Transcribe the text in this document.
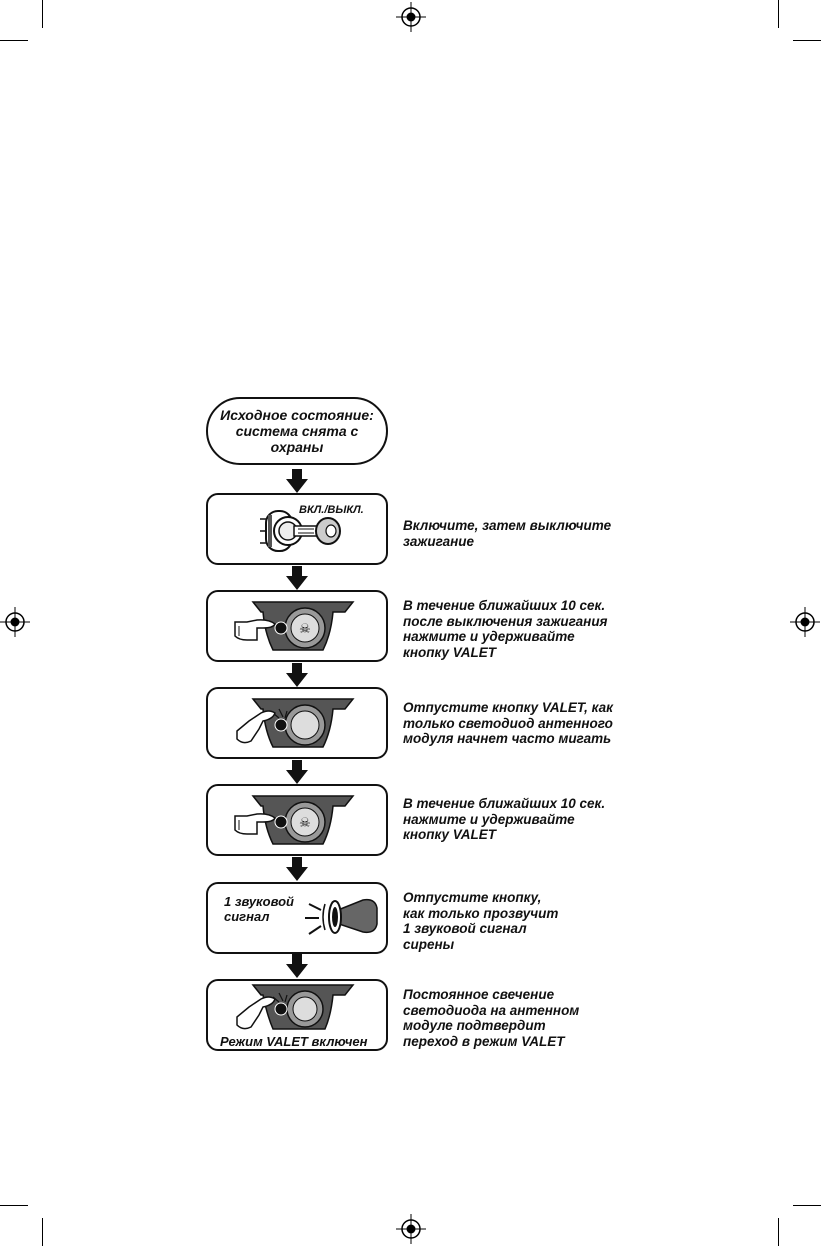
Исходное состояние:
система снята с
охраны
ВКЛ./ВЫКЛ.
Включите, затем выключите
зажигание
☠
В течение ближайших 10 сек.
после выключения зажигания
нажмите и удерживайте
кнопку VALET
Отпустите кнопку VALET, как
только светодиод антенного
модуля начнет часто мигать
☠
В течение ближайших 10 сек.
нажмите и удерживайте
кнопку VALET
1 звуковой
сигнал
Отпустите кнопку,
как только прозвучит
1 звуковой сигнал
сирены
Режим VALET включен
Постоянное свечение
светодиода на антенном
модуле подтвердит
переход в режим VALET
